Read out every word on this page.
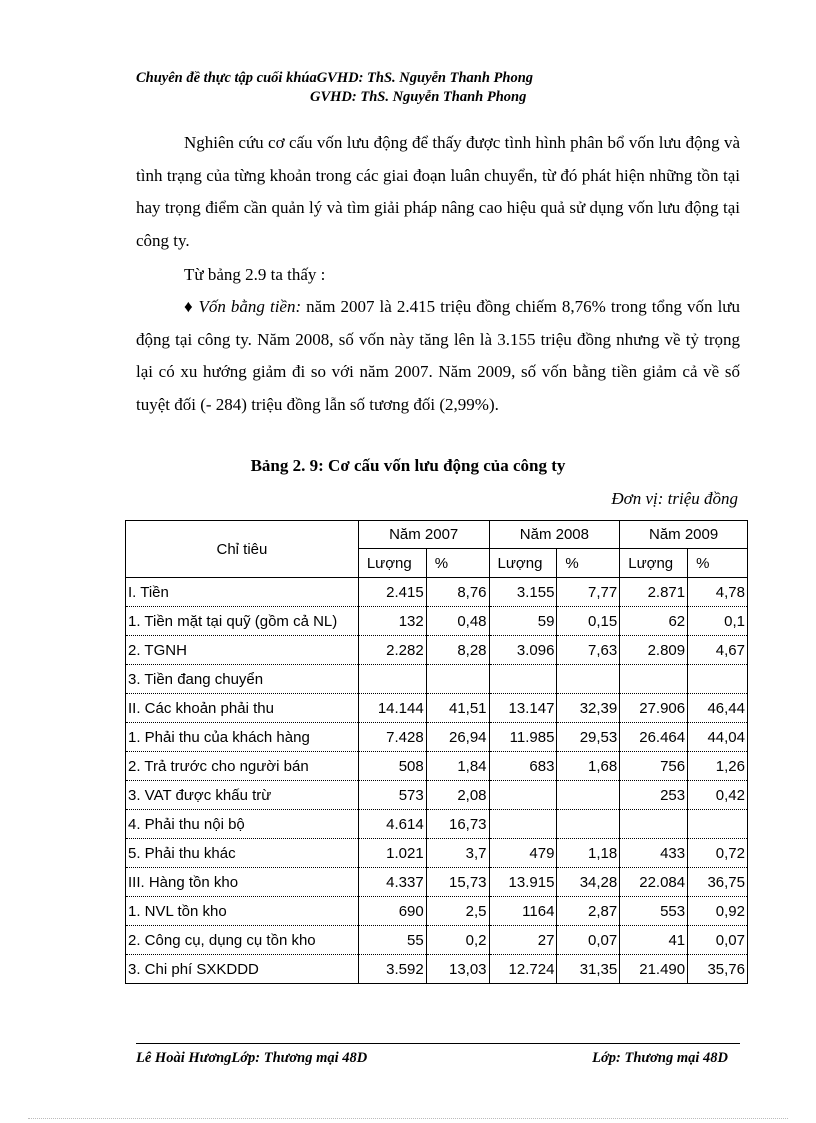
Chuyên đề thực tập cuối khúaGVHD: ThS. Nguyễn Thanh Phong
GVHD: ThS. Nguyễn Thanh Phong
Nghiên cứu cơ cấu vốn lưu động để thấy được tình hình phân bổ vốn lưu động và tình trạng của từng khoản trong các giai đoạn luân chuyển, từ đó phát hiện những tồn tại hay trọng điểm cần quản lý và tìm giải pháp nâng cao hiệu quả sử dụng vốn lưu động tại công ty.
Từ bảng 2.9 ta thấy :
♦ Vốn bằng tiền: năm 2007 là 2.415 triệu đồng chiếm 8,76% trong tổng vốn lưu động tại công ty. Năm 2008, số vốn này tăng lên là 3.155 triệu đồng nhưng về tỷ trọng lại có xu hướng giảm đi so với năm 2007. Năm 2009, số vốn bằng tiền giảm cả về số tuyệt đối (- 284) triệu đồng lẫn số tương đối (2,99%).
Bảng 2. 9: Cơ cấu vốn lưu động của công ty
Đơn vị: triệu đồng
Chỉ tiêu	Năm 2007		Năm 2008		Năm 2009	
	Lượng	%	Lượng	%	Lượng	%
I. Tiền	2.415	8,76	3.155	7,77	2.871	4,78
1. Tiền mặt tại quỹ (gồm cả NL)	132	0,48	59	0,15	62	0,1
2. TGNH	2.282	8,28	3.096	7,63	2.809	4,67
3. Tiền đang chuyển						
II. Các khoản phải thu	14.144	41,51	13.147	32,39	27.906	46,44
1. Phải thu của khách hàng	7.428	26,94	11.985	29,53	26.464	44,04
2. Trả trước cho người bán	508	1,84	683	1,68	756	1,26
3. VAT được khấu trừ	573	2,08			253	0,42
4. Phải thu nội bộ	4.614	16,73				
5. Phải thu khác	1.021	3,7	479	1,18	433	0,72
III. Hàng tồn kho	4.337	15,73	13.915	34,28	22.084	36,75
1. NVL tồn kho	690	2,5	1164	2,87	553	0,92
2. Công cụ, dụng cụ tồn kho	55	0,2	27	0,07	41	0,07
3. Chi phí SXKDDD	3.592	13,03	12.724	31,35	21.490	35,76
Lê Hoài HươngLớp: Thương mại 48D	Lớp: Thương mại 48D
